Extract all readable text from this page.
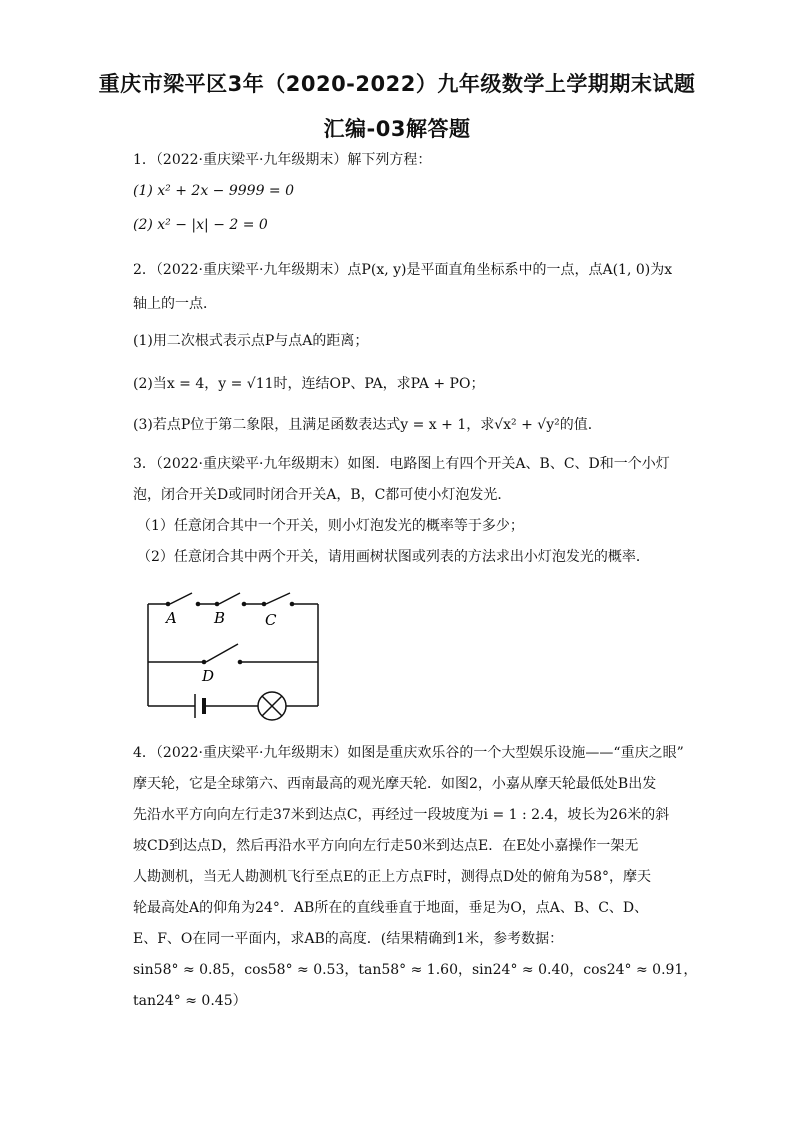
重庆市梁平区3年（2020-2022）九年级数学上学期期末试题
汇编-03解答题
1．（2022·重庆梁平·九年级期末）解下列方程：
(1) x² + 2x − 9999 = 0
(2) x² − |x| − 2 = 0
2．（2022·重庆梁平·九年级期末）点P(x, y)是平面直角坐标系中的一点，点A(1, 0)为x
轴上的一点．
(1)用二次根式表示点P与点A的距离；
(2)当x = 4，y = √11时，连结OP、PA，求PA + PO；
(3)若点P位于第二象限，且满足函数表达式y = x + 1，求√x² + √y²的值．
3．（2022·重庆梁平·九年级期末）如图．电路图上有四个开关A、B、C、D和一个小灯
泡，闭合开关D或同时闭合开关A，B，C都可使小灯泡发光．
（1）任意闭合其中一个开关，则小灯泡发光的概率等于多少；
（2）任意闭合其中两个开关，请用画树状图或列表的方法求出小灯泡发光的概率．
A B	C
D
4．（2022·重庆梁平·九年级期末）如图是重庆欢乐谷的一个大型娱乐设施——“重庆之眼”
摩天轮，它是全球第六、西南最高的观光摩天轮．如图2，小嘉从摩天轮最低处B出发
先沿水平方向向左行走37米到达点C，再经过一段坡度为i = 1 : 2.4，坡长为26米的斜
坡CD到达点D，然后再沿水平方向向左行走50米到达点E．在E处小嘉操作一架无
人勘测机，当无人勘测机飞行至点E的正上方点F时，测得点D处的俯角为58°，摩天
轮最高处A的仰角为24°．AB所在的直线垂直于地面，垂足为O，点A、B、C、D、
E、F、O在同一平面内，求AB的高度．(结果精确到1米，参考数据：
sin58° ≈ 0.85，cos58° ≈ 0.53，tan58° ≈ 1.60，sin24° ≈ 0.40，cos24° ≈ 0.91，
tan24° ≈ 0.45）
